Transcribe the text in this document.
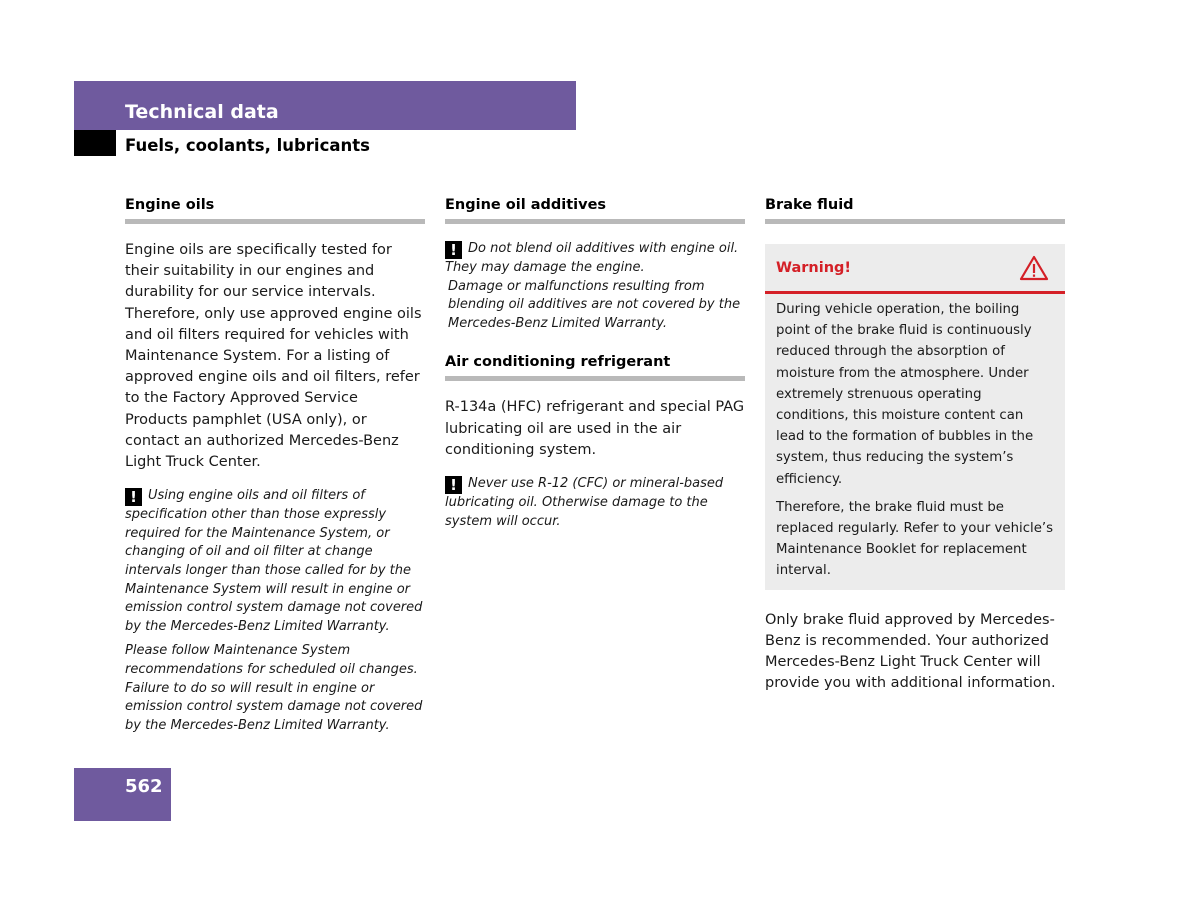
Technical data
Fuels, coolants, lubricants
Engine oils

Engine oils are specifically tested for their suitability in our engines and durability for our service intervals. Therefore, only use approved engine oils and oil filters required for vehicles with Maintenance System. For a listing of approved engine oils and oil filters, refer to the Factory Approved Service Products pamphlet (USA only), or contact an authorized Mercedes-Benz Light Truck Center.

! Using engine oils and oil filters of specification other than those expressly required for the Maintenance System, or changing of oil and oil filter at change intervals longer than those called for by the Maintenance System will result in engine or emission control system damage not covered by the Mercedes-Benz Limited Warranty.

Please follow Maintenance System recommendations for scheduled oil changes. Failure to do so will result in engine or emission control system damage not covered by the Mercedes-Benz Limited Warranty.

Engine oil additives

! Do not blend oil additives with engine oil. They may damage the engine.

Damage or malfunctions resulting from blending oil additives are not covered by the Mercedes-Benz Limited Warranty.

Air conditioning refrigerant

R-134a (HFC) refrigerant and special PAG lubricating oil are used in the air conditioning system.

! Never use R-12 (CFC) or mineral-based lubricating oil. Otherwise damage to the system will occur.

Brake fluid
Warning!

During vehicle operation, the boiling point of the brake fluid is continuously reduced through the absorption of moisture from the atmosphere. Under extremely strenuous operating conditions, this moisture content can lead to the formation of bubbles in the system, thus reducing the system’s efficiency.

Therefore, the brake fluid must be replaced regularly. Refer to your vehicle’s Maintenance Booklet for replacement interval.

Only brake fluid approved by Mercedes-Benz is recommended. Your authorized Mercedes-Benz Light Truck Center will provide you with additional information.

562
